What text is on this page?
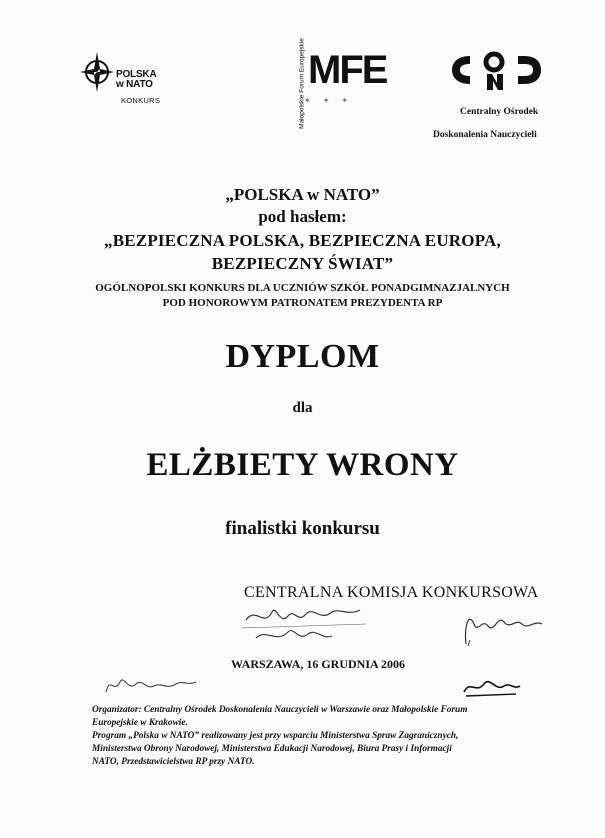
POLSKA
w NATO
KONKURS	Małopolskie Forum Europejskie MFE
✶ ✶ ✶
Centralny Ośrodek
Doskonalenia Nauczycieli
„POLSKA w NATO”
pod hasłem:
„BEZPIECZNA POLSKA, BEZPIECZNA EUROPA,
BEZPIECZNY ŚWIAT”
OGÓLNOPOLSKI KONKURS DLA UCZNIÓW SZKÓŁ PONADGIMNAZJALNYCH
POD HONOROWYM PATRONATEM PREZYDENTA RP
DYPLOM
dla
ELŻBIETY WRONY
finalistki konkursu
CENTRALNA KOMISJA KONKURSOWA
WARSZAWA, 16 GRUDNIA 2006

Organizator: Centralny Ośrodek Doskonalenia Nauczycieli w Warszawie oraz Małopolskie Forum

Europejskie w Krakowie.

Program „Polska w NATO” realizowany jest przy wsparciu Ministerstwa Spraw Zagranicznych,

Ministerstwa Obrony Narodowej, Ministerstwa Edukacji Narodowej, Biura Prasy i Informacji

NATO, Przedstawicielstwa RP przy NATO.
